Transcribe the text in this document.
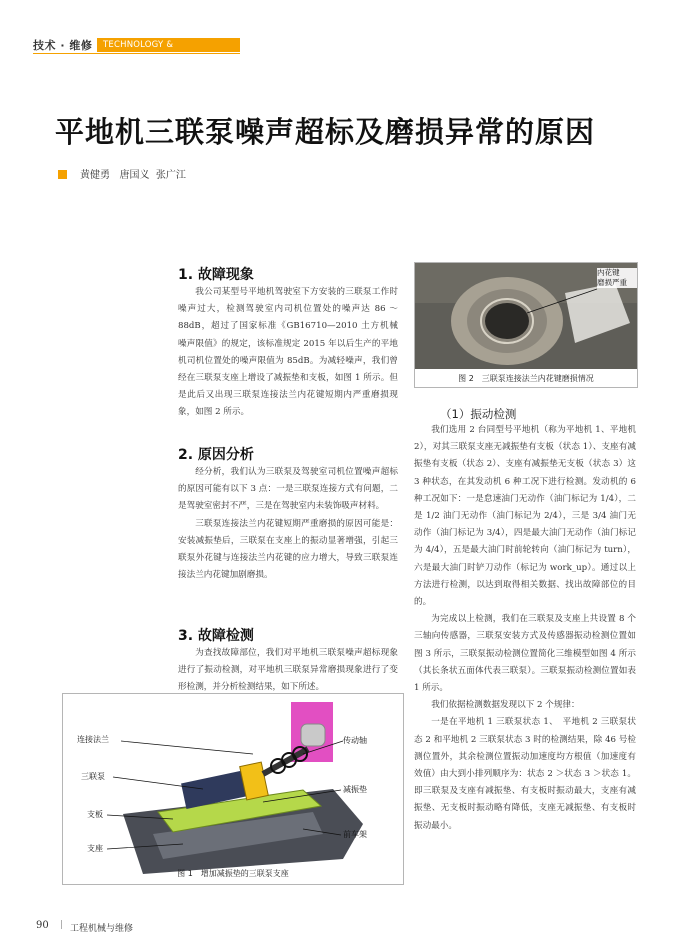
技术 · 维修	TECHNOLOGY & MAINTENANCE
平地机三联泵噪声超标及磨损异常的原因
黄健勇   唐国义  张广江
1. 故障现象

我公司某型号平地机驾驶室下方安装的三联泵工作时噪声过大，检测驾驶室内司机位置处的噪声达 86 ～ 88dB，超过了国家标准《GB16710—2010 土方机械　噪声限值》的规定，该标准规定 2015 年以后生产的平地机司机位置处的噪声限值为 85dB。为减轻噪声，我们曾经在三联泵支座上增设了减振垫和支板，如图 1 所示。但是此后又出现三联泵连接法兰内花键短期内严重磨损现象，如图 2 所示。

2. 原因分析

经分析，我们认为三联泵及驾驶室司机位置噪声超标的原因可能有以下 3 点：一是三联泵连接方式有问题，二是驾驶室密封不严，三是在驾驶室内未装饰吸声材料。

三联泵连接法兰内花键短期严重磨损的原因可能是：安装减振垫后，三联泵在支座上的振动显著增强，引起三联泵外花键与连接法兰内花键的应力增大，导致三联泵连接法兰内花键加剧磨损。

3. 故障检测

为查找故障部位，我们对平地机三联泵噪声超标现象进行了振动检测，对平地机三联泵异常磨损现象进行了变形检测，并分析检测结果，如下所述。

连接法兰
三联泵
支板
支座
传动轴
减振垫
前车架
图 1　增加减振垫的三联泵支座
内花键
磨损严重
图 2　三联泵连接法兰内花键磨损情况
（1）振动检测

我们选用 2 台同型号平地机（称为平地机 1、平地机 2），对其三联泵支座无减振垫有支板（状态 1）、支座有减振垫有支板（状态 2）、支座有减振垫无支板（状态 3）这 3 种状态，在其发动机 6 种工况下进行检测。发动机的 6 种工况如下：一是怠速油门无动作（油门标记为 1/4），二是 1/2 油门无动作（油门标记为 2/4），三是 3/4 油门无动作（油门标记为 3/4），四是最大油门无动作（油门标记为 4/4），五是最大油门时前轮转向（油门标记为 turn），六是最大油门时铲刀动作（标记为 work_up）。通过以上方法进行检测，以达到取得相关数据、找出故障部位的目的。

为完成以上检测，我们在三联泵及支座上共设置 8 个三轴向传感器，三联泵安装方式及传感器振动检测位置如图 3 所示，三联泵振动检测位置简化三维模型如图 4 所示（其长条状五面体代表三联泵）。三联泵振动检测位置如表 1 所示。

我们依据检测数据发现以下 2 个规律：

一是在平地机 1 三联泵状态 1、　平地机 2 三联泵状态 2 和平地机 2 三联泵状态 3 时的检测结果，除 46 号检测位置外，其余检测位置振动加速度均方根值（加速度有效值）由大到小排列顺序为：状态 2 ＞状态 3 ＞状态 1。即三联泵及支座有减振垫、有支板时振动最大，支座有减振垫、无支板时振动略有降低，支座无减振垫、有支板时振动最小。

90 | 工程机械与维修
